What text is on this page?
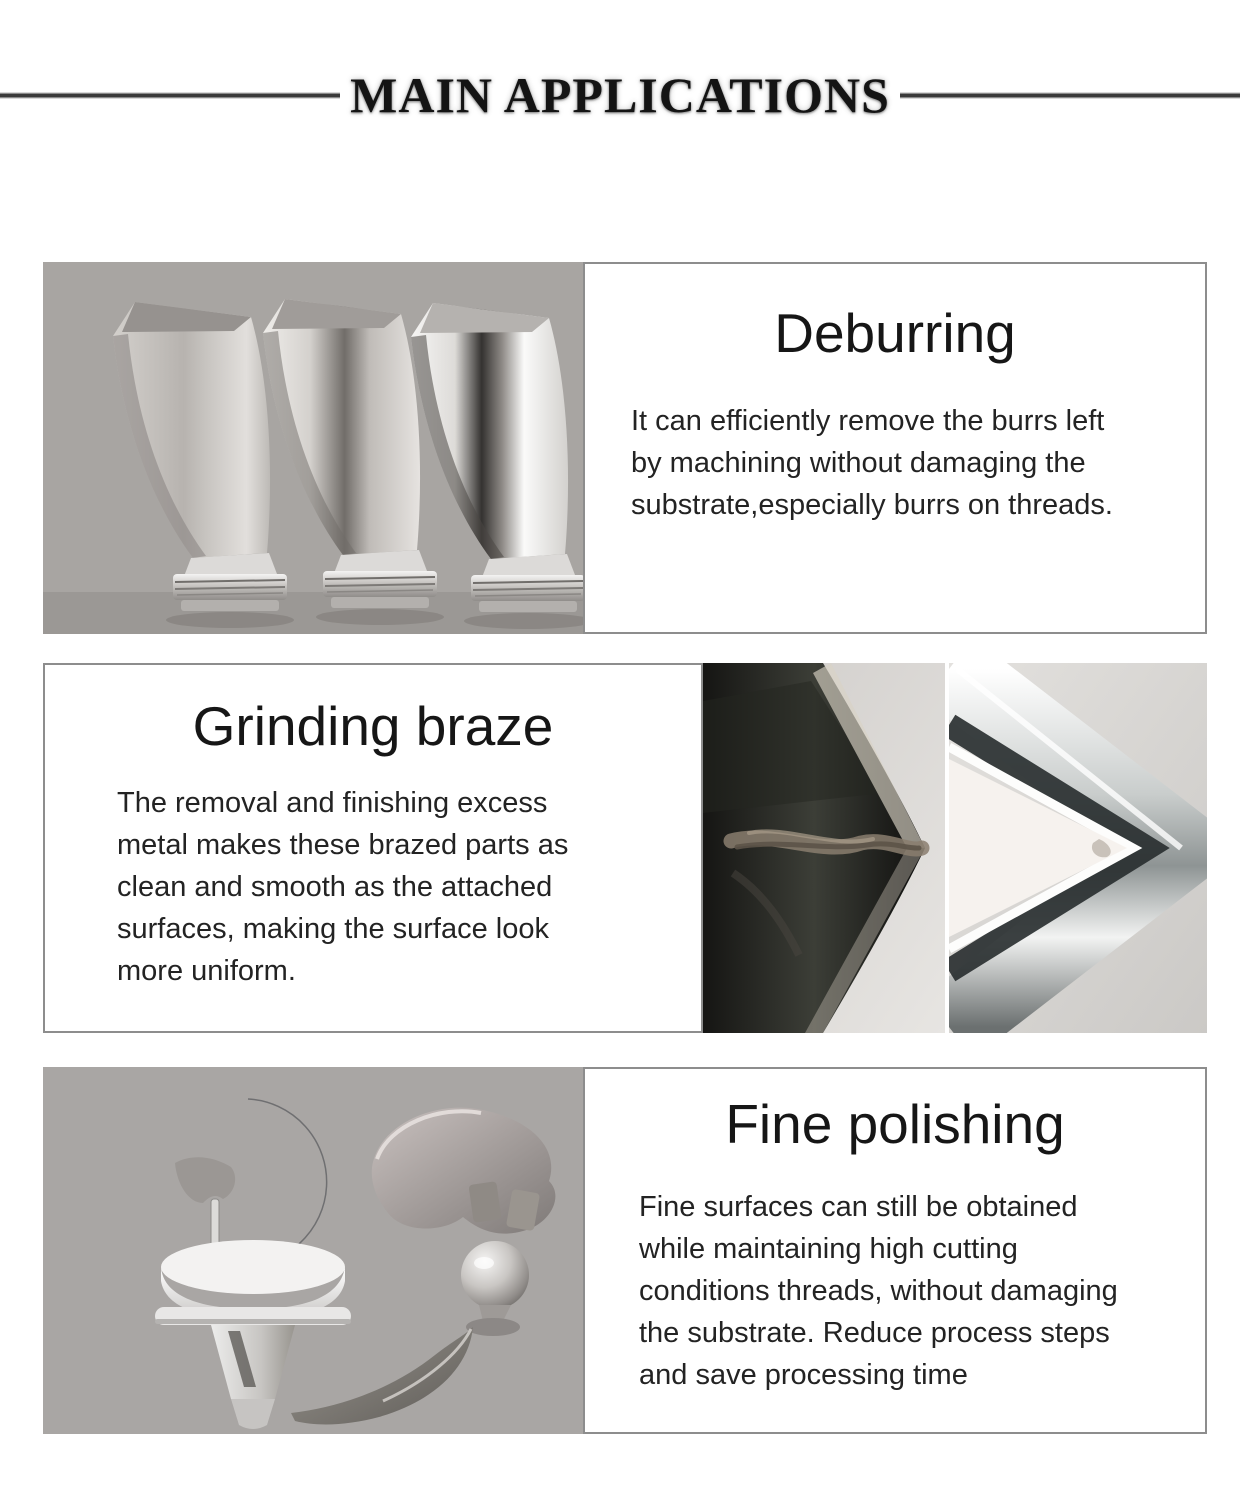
MAIN APPLICATIONS
Deburring
It can efficiently remove the burrs left
by machining without damaging the
substrate,especially burrs on threads.
Grinding braze
The removal and finishing excess
metal makes these brazed parts as
clean and smooth as the attached
surfaces, making the surface look
more uniform.
Fine polishing
Fine surfaces can still be obtained
while maintaining high cutting
conditions threads, without damaging
the substrate. Reduce process steps
and save processing time
